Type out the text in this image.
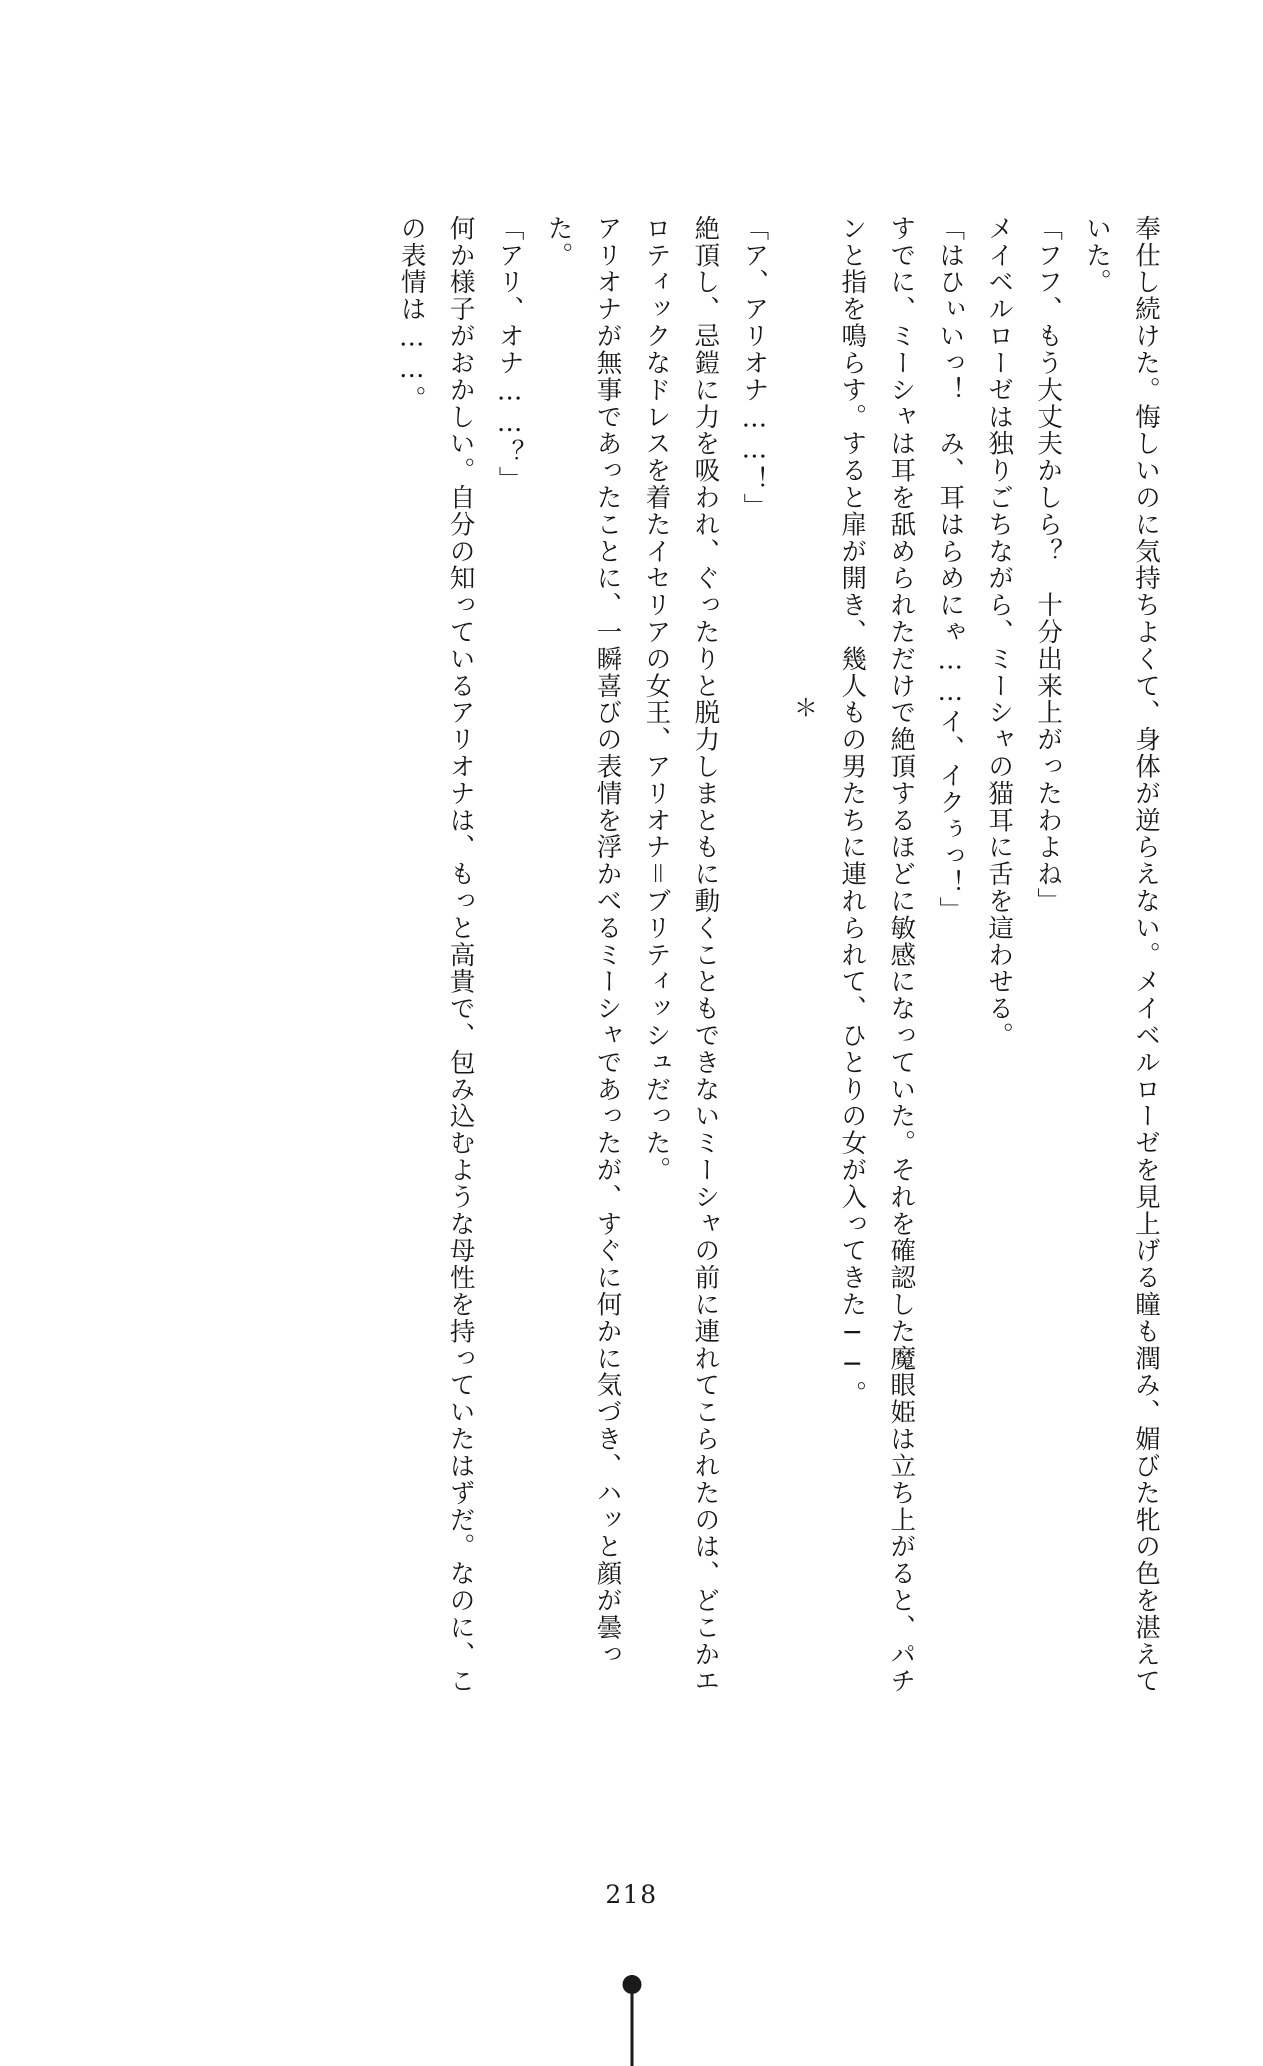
奉仕し続けた。悔しいのに気持ちよくて、身体が逆らえない。メイベルローゼを見上げる瞳も潤み、媚びた牝の色を湛えていた。

「フフ、もう大丈夫かしら？　十分出来上がったわよね」

メイベルローゼは独りごちながら、ミーシャの猫耳に舌を這わせる。

「はひぃいっ！　み、耳はらめにゃ……イ、イクぅっ！」

すでに、ミーシャは耳を舐められただけで絶頂するほどに敏感になっていた。それを確認した魔眼姫は立ち上がると、パチンと指を鳴らす。すると扉が開き、幾人もの男たちに連れられて、ひとりの女が入ってきた──。

＊

「ア、アリオナ……！」

絶頂し、忌鎧に力を吸われ、ぐったりと脱力しまともに動くこともできないミーシャの前に連れてこられたのは、どこかエロティックなドレスを着たイセリアの女王、アリオナ＝ブリティッシュだった。

アリオナが無事であったことに、一瞬喜びの表情を浮かべるミーシャであったが、すぐに何かに気づき、ハッと顔が曇った。

「アリ、オナ……？」

何か様子がおかしい。自分の知っているアリオナは、もっと高貴で、包み込むような母性を持っていたはずだ。なのに、この表情は……。

218
